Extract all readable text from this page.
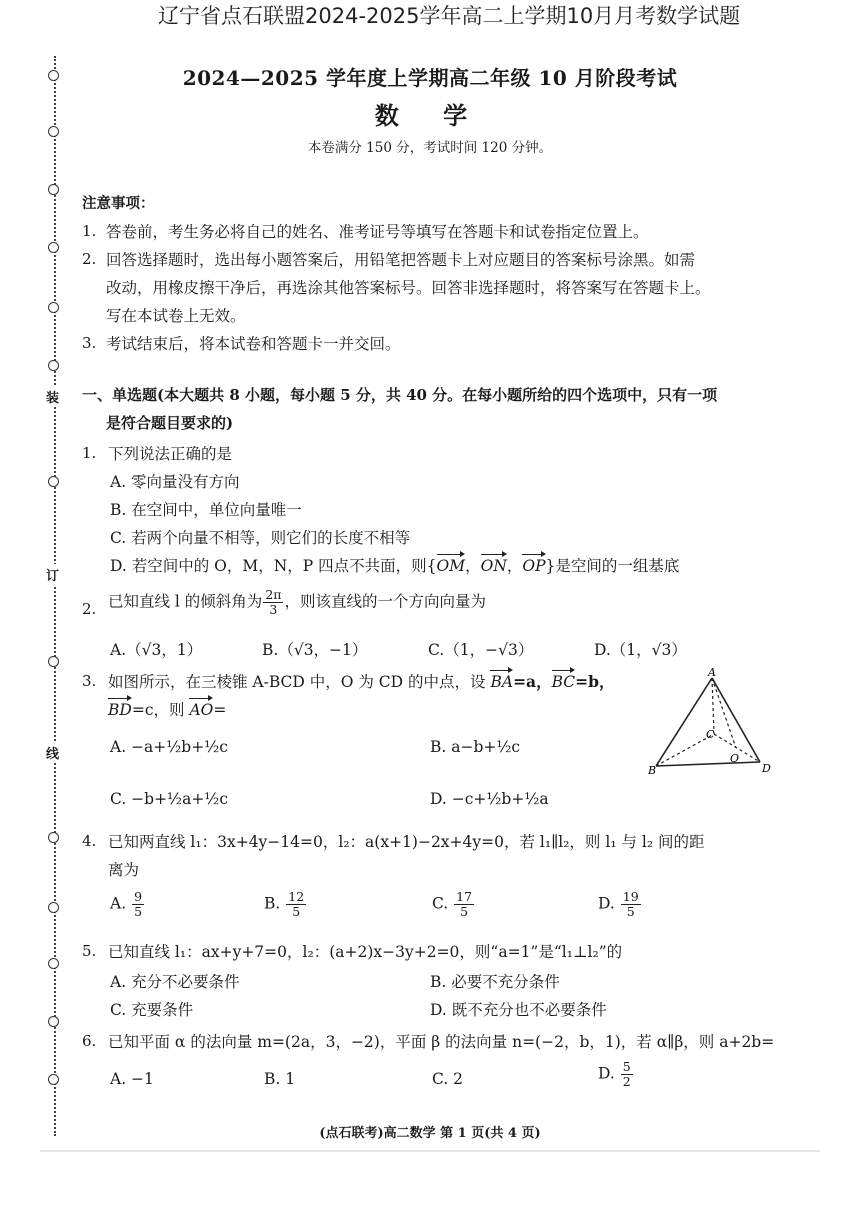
辽宁省点石联盟2024-2025学年高二上学期10月月考数学试题
装
订
线
2024—2025 学年度上学期高二年级 10 月阶段考试
数 学
本卷满分 150 分，考试时间 120 分钟。
注意事项：
1. 答卷前，考生务必将自己的姓名、准考证号等填写在答题卡和试卷指定位置上。
2. 回答选择题时，选出每小题答案后，用铅笔把答题卡上对应题目的答案标号涂黑。如需
改动，用橡皮擦干净后，再选涂其他答案标号。回答非选择题时，将答案写在答题卡上。
写在本试卷上无效。
3. 考试结束后，将本试卷和答题卡一并交回。
一、单选题(本大题共 8 小题，每小题 5 分，共 40 分。在每小题所给的四个选项中，只有一项
是符合题目要求的)
1. 下列说法正确的是
A. 零向量没有方向
B. 在空间中，单位向量唯一
C. 若两个向量不相等，则它们的长度不相等
D. 若空间中的 O，M，N，P 四点不共面，则{OM，ON，OP}是空间的一组基底
2. 已知直线 l 的倾斜角为 $\frac{2\pi}{3}$ ，则该直线的一个方向向量为
A.（√3，1）	B.（√3，−1）	C.（1，−√3）	D.（1，√3）
3. 如图所示，在三棱锥 A-BCD 中，O 为 CD 的中点，设 BA=a，BC=b，
BD=c，则 AO=
A. −a+½b+½c	B. a−b+½c
C. −b+½a+½c	D. −c+½b+½a
A
B
C
D
O
4. 已知两直线 l₁：3x+4y−14=0，l₂：a(x+1)−2x+4y=0，若 l₁∥l₂，则 l₁ 与 l₂ 间的距
离为
A. $\frac{9}{5}$	B. $\frac{12}{5}$	C. $\frac{17}{5}$	D. $\frac{19}{5}$
5. 已知直线 l₁：ax+y+7=0，l₂：(a+2)x−3y+2=0，则“a=1”是“l₁⊥l₂”的
A. 充分不必要条件	B. 必要不充分条件
C. 充要条件	D. 既不充分也不必要条件
6. 已知平面 α 的法向量 m=(2a，3，−2)，平面 β 的法向量 n=(−2，b，1)，若 α∥β，则 a+2b=
A. −1	B. 1	C. 2	D. $\frac{5}{2}$
(点石联考)高二数学 第 1 页(共 4 页)
